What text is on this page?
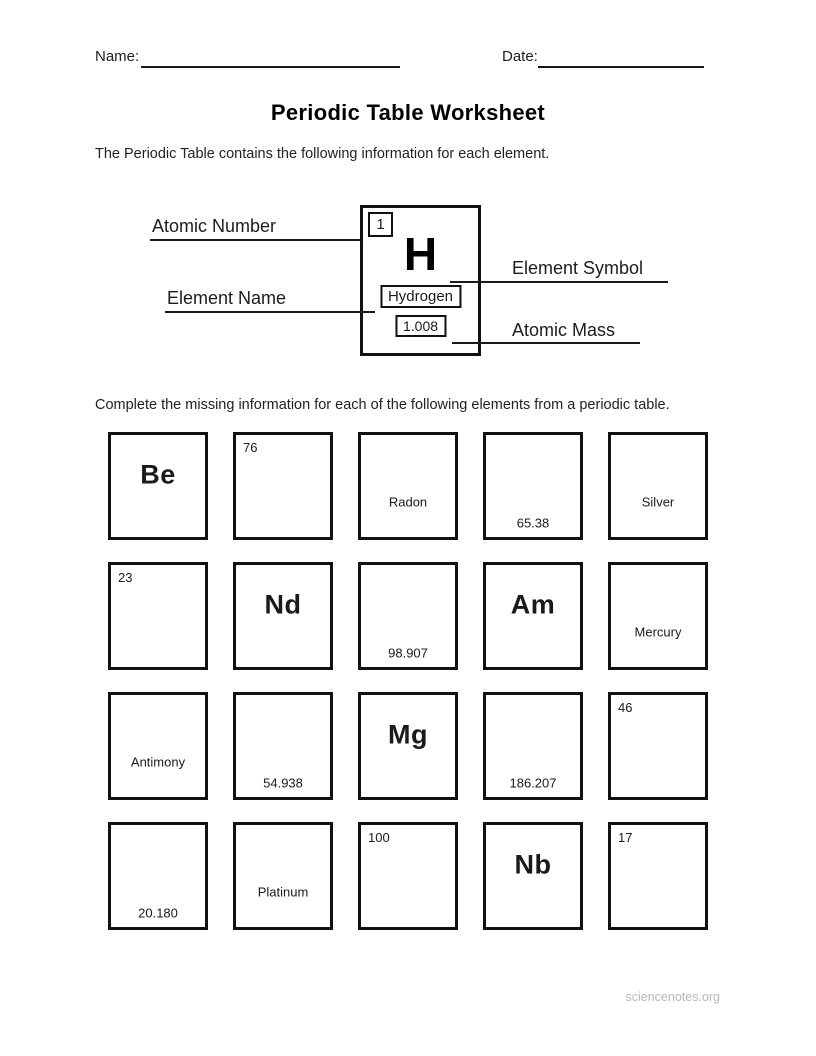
Name:	Date:
Periodic Table Worksheet

The Periodic Table contains the following information for each element.

1
H
Hydrogen
1.008
Atomic Number
Element Symbol
Element Name
Atomic Mass

Complete the missing information for each of the following elements from a periodic table.

Be
76
Radon
65.38
Silver
23
Nd
98.907
Am
Mercury
Antimony
54.938
Mg
186.207
46
20.180
Platinum
100
Nb
17
sciencenotes.org
